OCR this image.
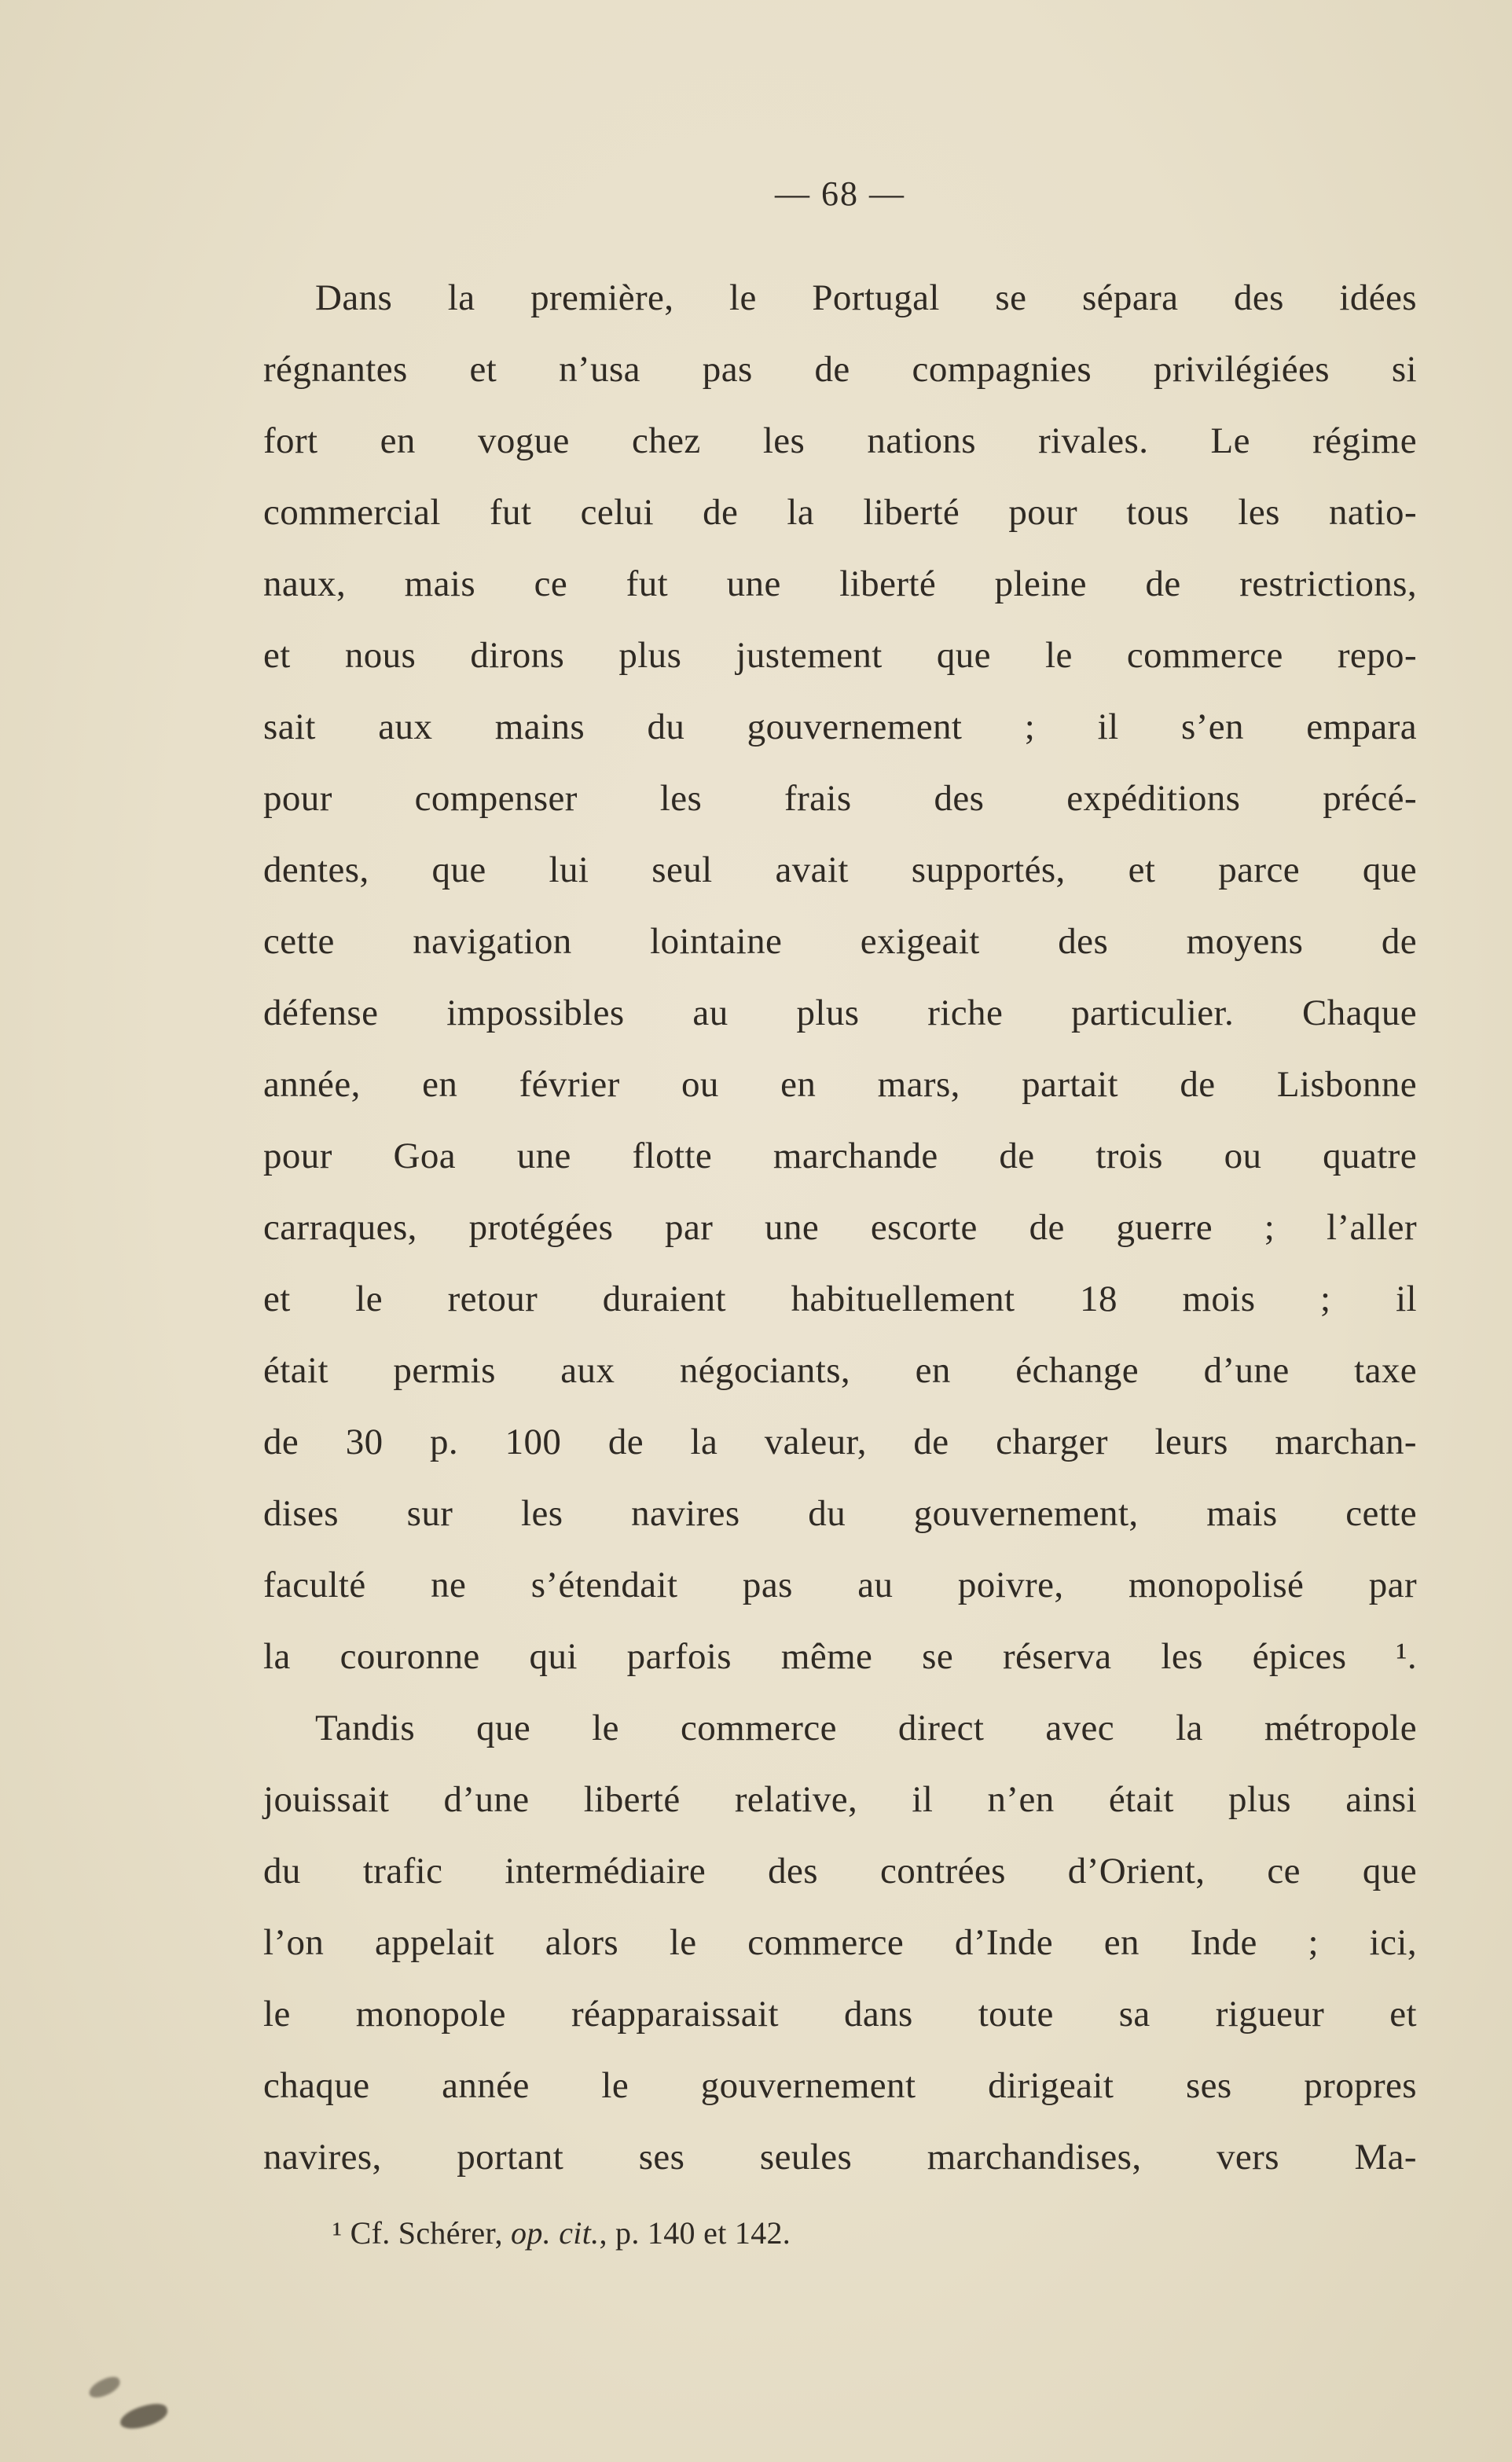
— 68 —
Dans la première, le Portugal se sépara des idées
régnantes et n’usa pas de compagnies privilégiées si
fort en vogue chez les nations rivales. Le régime
commercial fut celui de la liberté pour tous les natio-
naux, mais ce fut une liberté pleine de restrictions,
et nous dirons plus justement que le commerce repo-
sait aux mains du gouvernement ; il s’en empara
pour compenser les frais des expéditions précé-
dentes, que lui seul avait supportés, et parce que
cette navigation lointaine exigeait des moyens de
défense impossibles au plus riche particulier. Chaque
année, en février ou en mars, partait de Lisbonne
pour Goa une flotte marchande de trois ou quatre
carraques, protégées par une escorte de guerre ; l’aller
et le retour duraient habituellement 18 mois ; il
était permis aux négociants, en échange d’une taxe
de 30 p. 100 de la valeur, de charger leurs marchan-
dises sur les navires du gouvernement, mais cette
faculté ne s’étendait pas au poivre, monopolisé par
la couronne qui parfois même se réserva les épices ¹.
Tandis que le commerce direct avec la métropole
jouissait d’une liberté relative, il n’en était plus ainsi
du trafic intermédiaire des contrées d’Orient, ce que
l’on appelait alors le commerce d’Inde en Inde ; ici,
le monopole réapparaissait dans toute sa rigueur et
chaque année le gouvernement dirigeait ses propres
navires, portant ses seules marchandises, vers Ma-
¹ Cf. Schérer, op. cit., p. 140 et 142.
